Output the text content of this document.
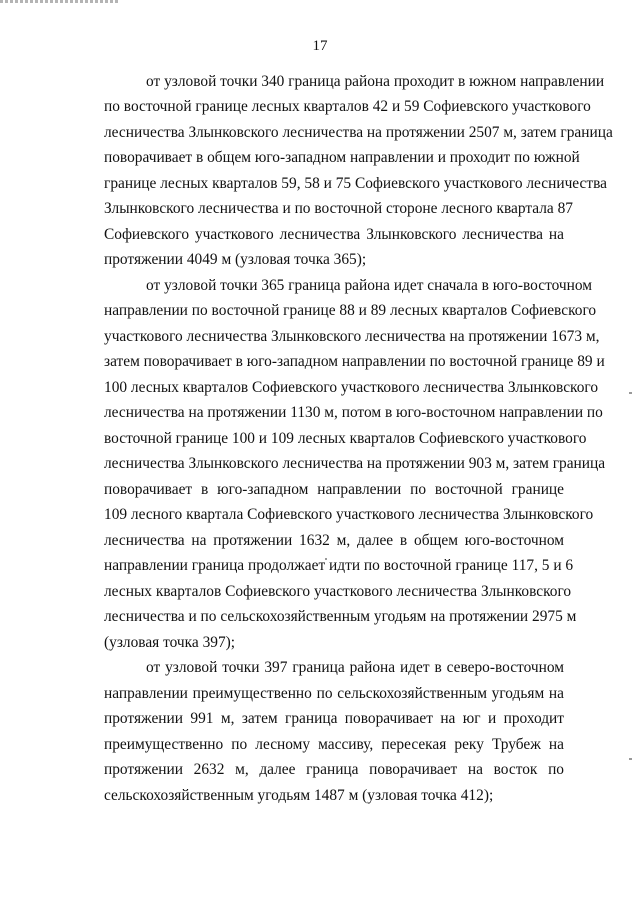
17
от узловой точки 340 граница района проходит в южном направлении
по восточной границе лесных кварталов 42 и 59 Софиевского участкового
лесничества Злынковского лесничества на протяжении 2507 м, затем граница
поворачивает в общем юго-западном направлении и проходит по южной
границе лесных кварталов 59, 58 и 75 Софиевского участкового лесничества
Злынковского лесничества и по восточной стороне лесного квартала 87
Софиевского участкового лесничества Злынковского лесничества на
протяжении 4049 м (узловая точка 365);
от узловой точки 365 граница района идет сначала в юго-восточном
направлении по восточной границе 88 и 89 лесных кварталов Софиевского
участкового лесничества Злынковского лесничества на протяжении 1673 м,
затем поворачивает в юго-западном направлении по восточной границе 89 и
100 лесных кварталов Софиевского участкового лесничества Злынковского
лесничества на протяжении 1130 м, потом в юго-восточном направлении по
восточной границе 100 и 109 лесных кварталов Софиевского участкового
лесничества Злынковского лесничества на протяжении 903 м, затем граница
поворачивает в юго-западном направлении по восточной границе
109 лесного квартала Софиевского участкового лесничества Злынковского
лесничества на протяжении 1632 м, далее в общем юго-восточном
направлении граница продолжает идти по восточной границе 117, 5 и 6
лесных кварталов Софиевского участкового лесничества Злынковского
лесничества и по сельскохозяйственным угодьям на протяжении 2975 м
(узловая точка 397);
от узловой точки 397 граница района идет в северо-восточном
направлении преимущественно по сельскохозяйственным угодьям на
протяжении 991 м, затем граница поворачивает на юг и проходит
преимущественно по лесному массиву, пересекая реку Трубеж на
протяжении 2632 м, далее граница поворачивает на восток по
сельскохозяйственным угодьям 1487 м (узловая точка 412);
